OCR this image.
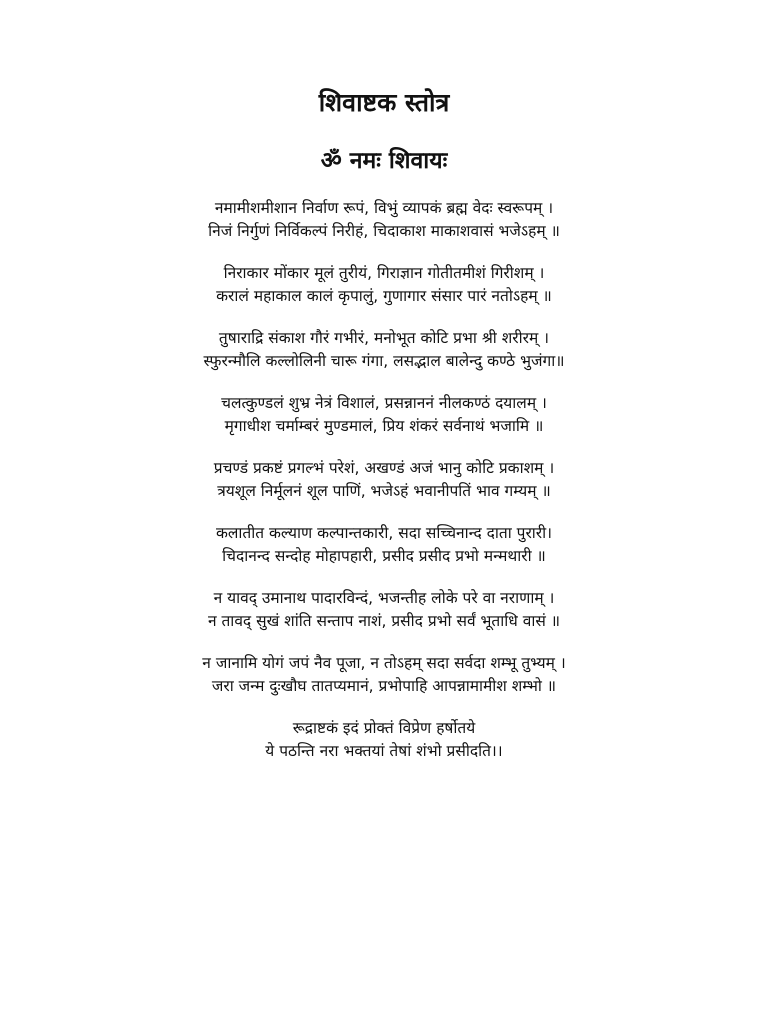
शिवाष्टक स्तोत्र
ॐ नमः शिवायः
नमामीशमीशान निर्वाण रूपं, विभुं व्यापकं ब्रह्म वेदः स्वरूपम् ।
निजं निर्गुणं निर्विकल्पं निरीहं, चिदाकाश माकाशवासं भजेऽहम् ॥
निराकार मोंकार मूलं तुरीयं, गिराज्ञान गोतीतमीशं गिरीशम् ।
करालं महाकाल कालं कृपालुं, गुणागार संसार पारं नतोऽहम् ॥
तुषाराद्रि संकाश गौरं गभीरं, मनोभूत कोटि प्रभा श्री शरीरम् ।
स्फुरन्मौलि कल्लोलिनी चारू गंगा, लसद्भाल बालेन्दु कण्ठे भुजंगा॥
चलत्कुण्डलं शुभ्र नेत्रं विशालं, प्रसन्नाननं नीलकण्ठं दयालम् ।
मृगाधीश चर्माम्बरं मुण्डमालं, प्रिय शंकरं सर्वनाथं भजामि ॥
प्रचण्डं प्रकष्टं प्रगल्भं परेशं, अखण्डं अजं भानु कोटि प्रकाशम् ।
त्रयशूल निर्मूलनं शूल पाणिं, भजेऽहं भवानीपतिं भाव गम्यम् ॥
कलातीत कल्याण कल्पान्तकारी, सदा सच्चिनान्द दाता पुरारी।
चिदानन्द सन्दोह मोहापहारी, प्रसीद प्रसीद प्रभो मन्मथारी ॥
न यावद् उमानाथ पादारविन्दं, भजन्तीह लोके परे वा नराणाम् ।
न तावद् सुखं शांति सन्ताप नाशं, प्रसीद प्रभो सर्वं भूताधि वासं ॥
न जानामि योगं जपं नैव पूजा, न तोऽहम् सदा सर्वदा शम्भू तुभ्यम् ।
जरा जन्म दुःखौघ तातप्यमानं, प्रभोपाहि आपन्नामामीश शम्भो ॥
रूद्राष्टकं इदं प्रोक्तं विप्रेण हर्षोतये
ये पठन्ति नरा भक्तयां तेषां शंभो प्रसीदति।।
